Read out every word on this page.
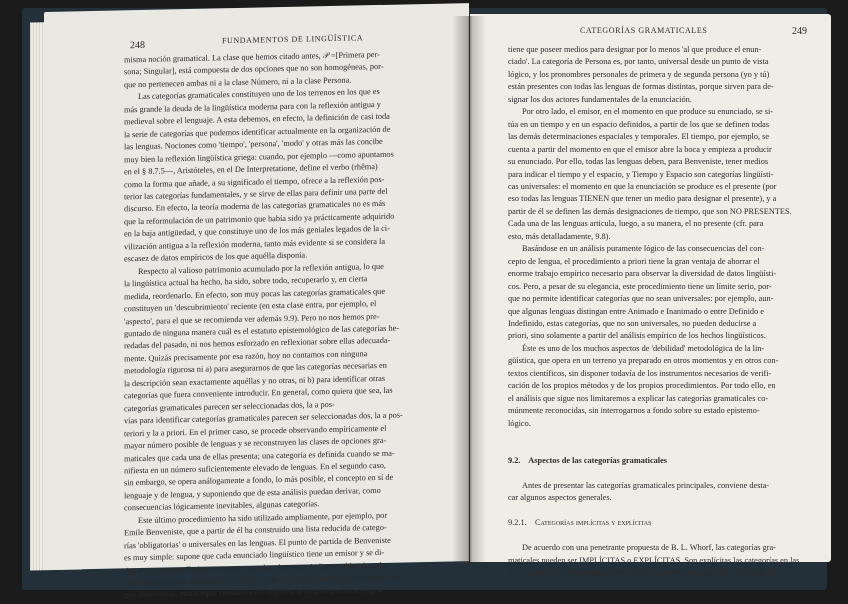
248
FUNDAMENTOS DE LINGÜÍSTICA
misma noción gramatical. La clase que hemos citado antes, 𝒫 =[Primera per-
sona; Singular], está compuesta de dos opciones que no son homogéneas, por-
que no pertenecen ambas ni a la clase Número, ni a la clase Persona.
Las categorías gramaticales constituyen uno de los terrenos en los que es
más grande la deuda de la lingüística moderna para con la reflexión antigua y
medieval sobre el lenguaje. A esta debemos, en efecto, la definición de casi toda
la serie de categorías que podemos identificar actualmente en la organización de
las lenguas. Nociones como 'tiempo', 'persona', 'modo' y otras más las concibe
muy bien la reflexión lingüística griega: cuando, por ejemplo —como apuntamos
en el § 8.7.5—, Aristóteles, en el De Interpretatione, define el verbo (rhêma)
como la forma que añade, a su significado el tiempo, ofrece a la reflexión pos-
terior las categorías fundamentales, y se sirve de ellas para definir una parte del
discurso. En efecto, la teoría moderna de las categorías gramaticales no es más
que la reformulación de un patrimonio que había sido ya prácticamente adquirido
en la baja antigüedad, y que constituye uno de los más geniales legados de la ci-
vilización antigua a la reflexión moderna, tanto más evidente si se considera la
escasez de datos empíricos de los que aquélla disponía.
Respecto al valioso patrimonio acumulado por la reflexión antigua, lo que
la lingüística actual ha hecho, ha sido, sobre todo, recuperarlo y, en cierta
medida, reordenarlo. En efecto, son muy pocas las categorías gramaticales que
constituyen un 'descubrimiento' reciente (en esta clase entra, por ejemplo, el
'aspecto', para el que se recomienda ver además 9.9). Pero no nos hemos pre-
guntado de ninguna manera cuál es el estatuto epistemológico de las categorías he-
redadas del pasado, ni nos hemos esforzado en reflexionar sobre ellas adecuada-
mente. Quizás precisamente por esa razón, hoy no contamos con ninguna
metodología rigurosa ni a) para asegurarnos de que las categorías necesarias en
la descripción sean exactamente aquéllas y no otras, ni b) para identificar otras
categorías que fuera conveniente introducir. En general, como quiera que sea, las
categorías gramaticales parecen ser seleccionadas dos, la a pos-
vías para identificar categorías gramaticales parecen ser seleccionadas dos, la a pos-
teriori y la a priori. En el primer caso, se procede observando empíricamente el
mayor número posible de lenguas y se reconstruyen las clases de opciones gra-
maticales que cada una de ellas presenta; una categoría es definida cuando se ma-
nifiesta en un número suficientemente elevado de lenguas. En el segundo caso,
sin embargo, se opera análogamente a fondo, lo más posible, el concepto en sí de
lenguaje y de lengua, y suponiendo que de esta análisis puedan derivar, como
consecuencias lógicamente inevitables, algunas categorías.
Este último procedimiento ha sido utilizado ampliamente, por ejemplo, por
Emile Benveniste, que a partir de él ha construido una lista reducida de catego-
rías 'obligatorias' o universales en las lenguas. El punto de partida de Benveniste
es muy simple: supone que cada enunciado lingüístico tiene un emisor y se di-
rige a un receptor. Emisor y receptor son dos elementos indispensables de todo
acto comunicativo: sin ellos la enunciación no puede ni siquiera ser imaginada. Se-
gún Benveniste, esta simple consideración legitima la idea de que toda lengua
CATEGORÍAS GRAMATICALES	249
tiene que poseer medios para designar por lo menos 'al que produce el enun-
ciado'. La categoría de Persona es, por tanto, universal desde un punto de vista
lógico, y los pronombres personales de primera y de segunda persona (yo y tú)
están presentes con todas las lenguas de formas distintas, porque sirven para de-
signar los dos actores fundamentales de la enunciación.
Por otro lado, el emisor, en el momento en que produce su enunciado, se si-
túa en un tiempo y en un espacio definidos, a partir de los que se definen todas
las demás determinaciones espaciales y temporales. El tiempo, por ejemplo, se
cuenta a partir del momento en que el emisor abre la boca y empieza a producir
su enunciado. Por ello, todas las lenguas deben, para Benveniste, tener medios
para indicar el tiempo y el espacio, y Tiempo y Espacio son categorías lingüísti-
cas universales: el momento en que la enunciación se produce es el presente (por
eso todas las lenguas TIENEN que tener un medio para designar el presente), y a
partir de él se definen las demás designaciones de tiempo, que son NO PRESENTES.
Cada una de las lenguas articula, luego, a su manera, el no presente (cfr. para
esto, más detalladamente, 9.8).
Basándose en un análisis puramente lógico de las consecuencias del con-
cepto de lengua, el procedimiento a priori tiene la gran ventaja de ahorrar el
enorme trabajo empírico necesario para observar la diversidad de datos lingüísti-
cos. Pero, a pesar de su elegancia, este procedimiento tiene un límite serio, por-
que no permite identificar categorías que no sean universales: por ejemplo, aun-
que algunas lenguas distingan entre Animado e Inanimado o entre Definido e
Indefinido, estas categorías, que no son universales, no pueden deducirse a
priori, sino solamente a partir del análisis empírico de los hechos lingüísticos.
Éste es uno de los muchos aspectos de 'debilidad' metodológica de la lin-
güística, que opera en un terreno ya preparado en otros momentos y en otros con-
textos científicos, sin disponer todavía de los instrumentos necesarios de verifi-
cación de los propios métodos y de los propios procedimientos. Por todo ello, en
el análisis que sigue nos limitaremos a explicar las categorías gramaticales co-
múnmente reconocidas, sin interrogarnos a fondo sobre su estado epistemo-
lógico.
9.2. Aspectos de las categorías gramaticales
Antes de presentar las categorías gramaticales principales, conviene desta-
car algunos aspectos generales.
9.2.1. Categorías implícitas y explícitas
De acuerdo con una penetrante propuesta de B. L. Whorf, las categorías gra-
maticales pueden ser IMPLÍCITAS o EXPLÍCITAS. Son explícitas las categorías en las
que cada miembro de la opción gramatical tiene una contrapartida en el plano de
